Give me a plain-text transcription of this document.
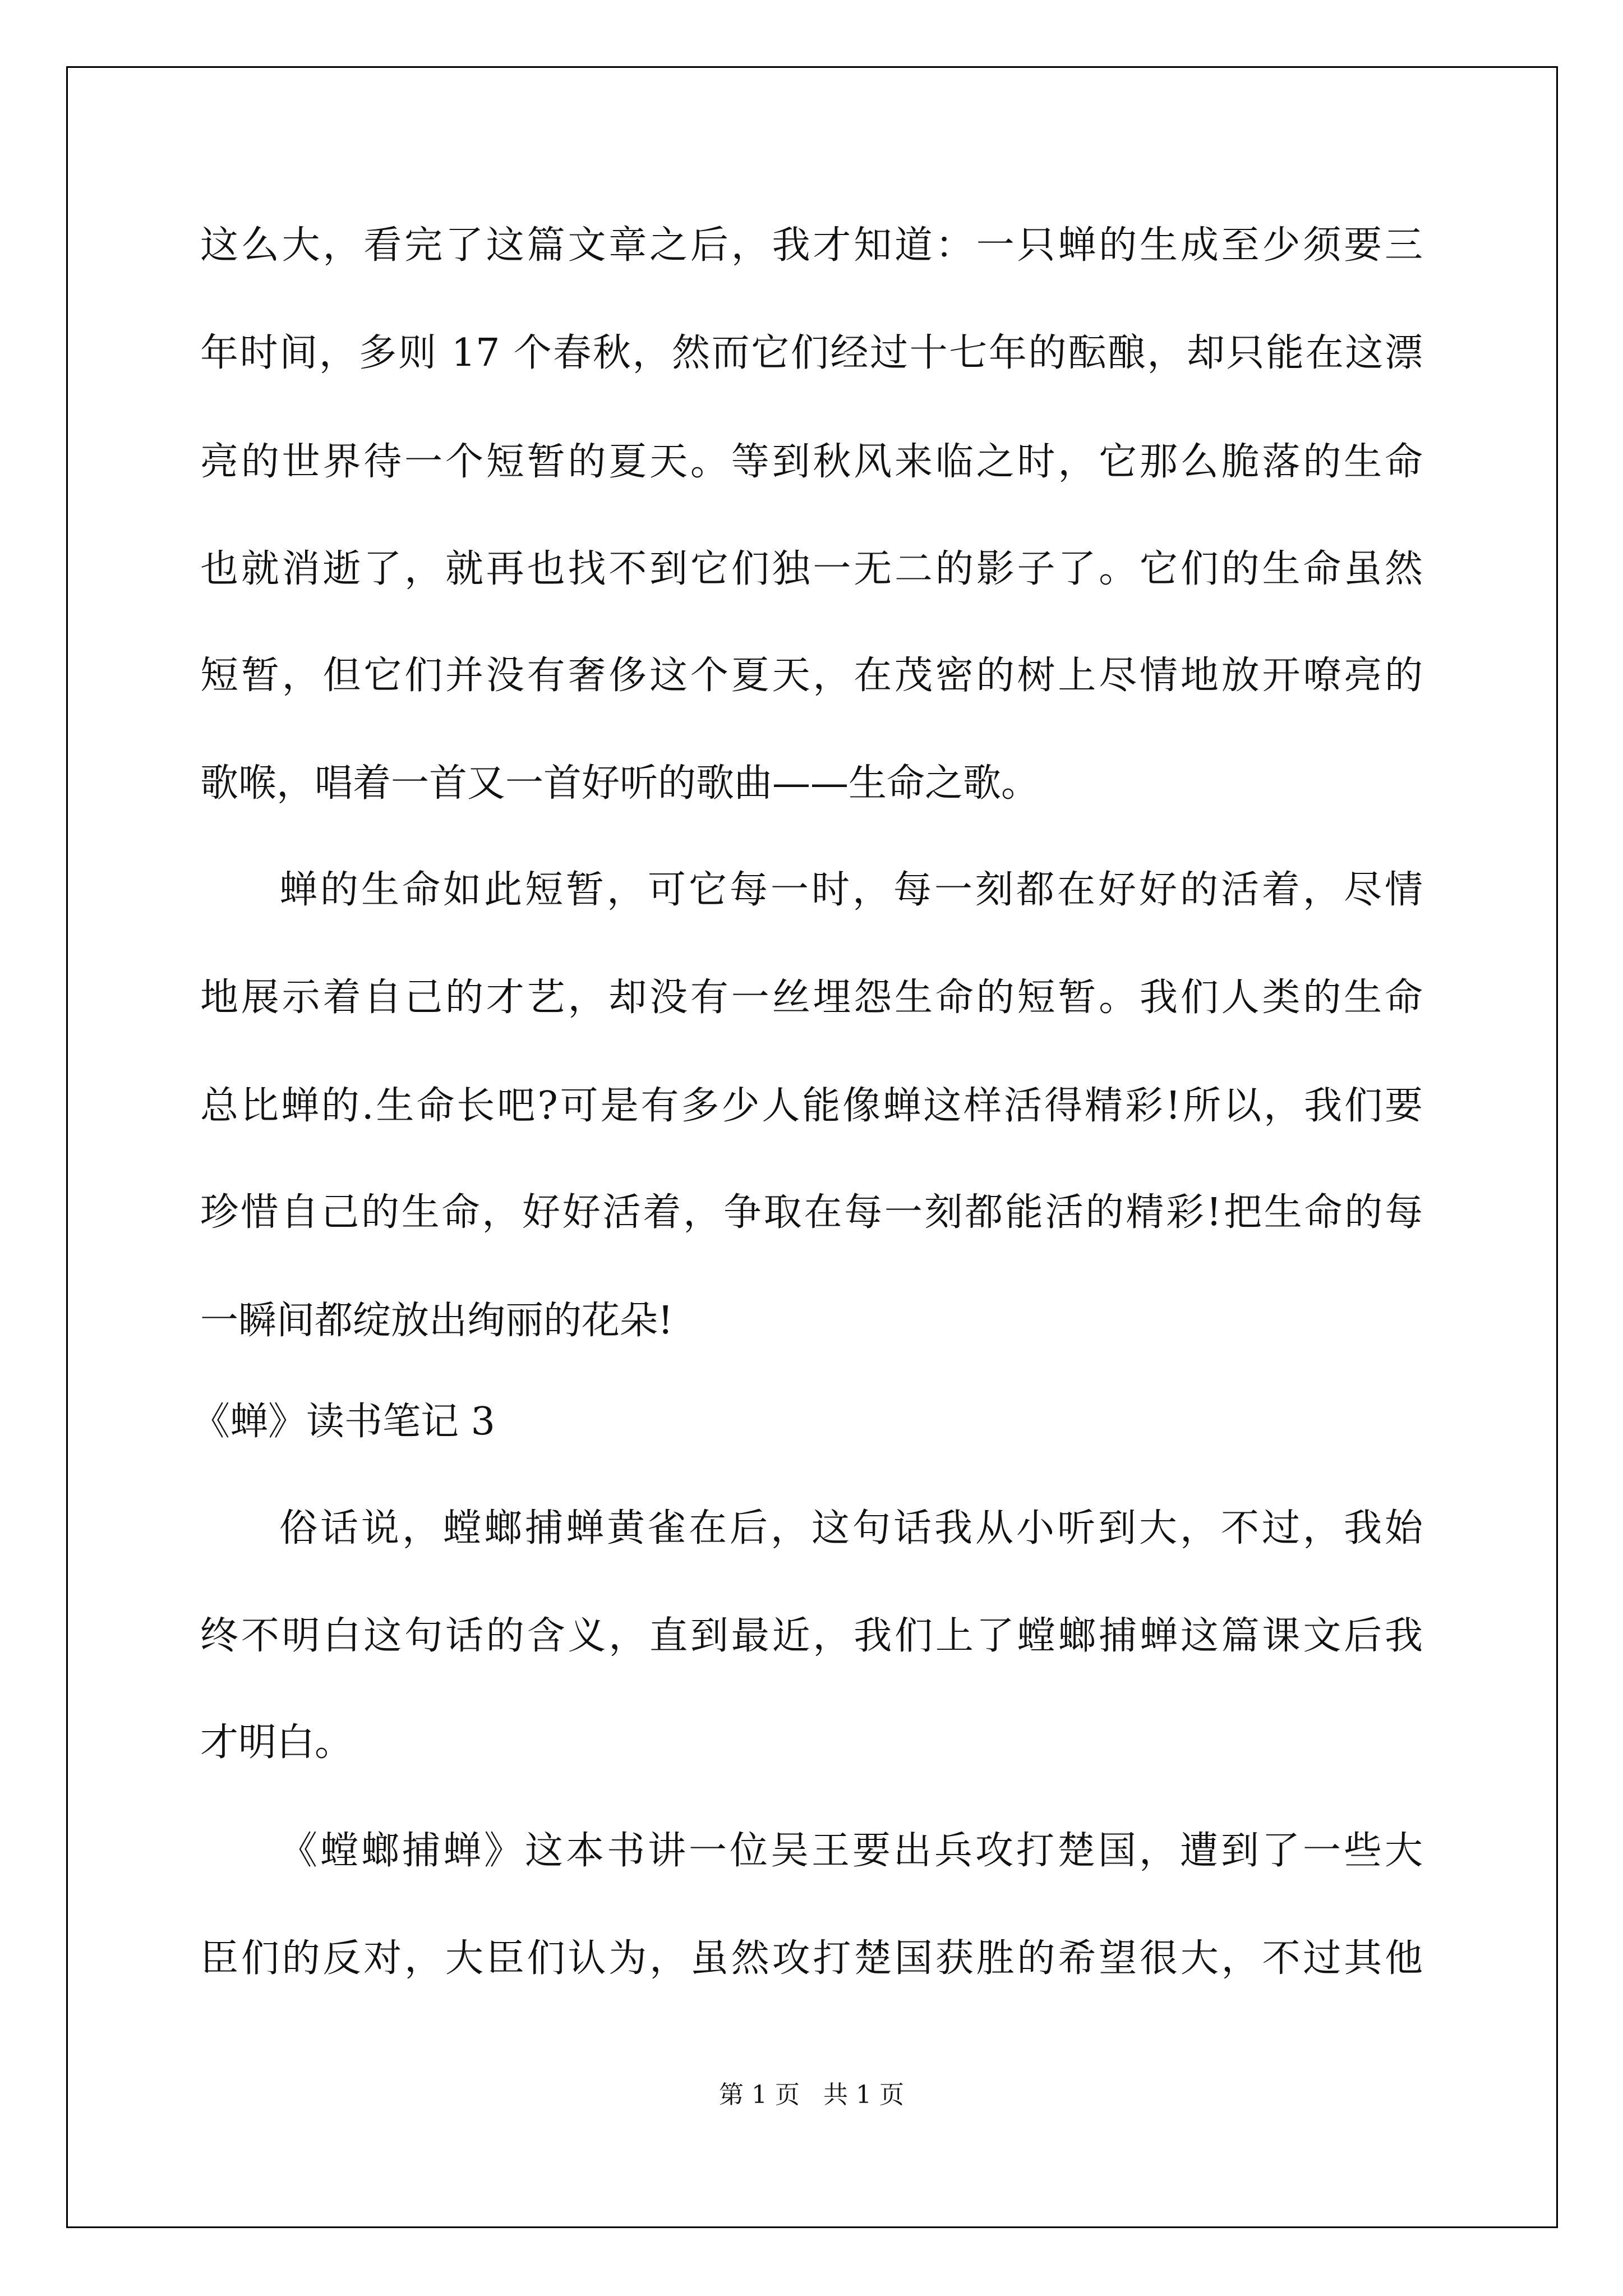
这么大，看完了这篇文章之后，我才知道：一只蝉的生成至少须要三
年时间，多则 17 个春秋，然而它们经过十七年的酝酿，却只能在这漂
亮的世界待一个短暂的夏天。等到秋风来临之时，它那么脆落的生命
也就消逝了，就再也找不到它们独一无二的影子了。它们的生命虽然
短暂，但它们并没有奢侈这个夏天，在茂密的树上尽情地放开嘹亮的
歌喉，唱着一首又一首好听的歌曲——生命之歌。
蝉的生命如此短暂，可它每一时，每一刻都在好好的活着，尽情
地展示着自己的才艺，却没有一丝埋怨生命的短暂。我们人类的生命
总比蝉的.生命长吧?可是有多少人能像蝉这样活得精彩!所以，我们要
珍惜自己的生命，好好活着，争取在每一刻都能活的精彩!把生命的每
一瞬间都绽放出绚丽的花朵!
《蝉》读书笔记 3
俗话说，螳螂捕蝉黄雀在后，这句话我从小听到大，不过，我始
终不明白这句话的含义，直到最近，我们上了螳螂捕蝉这篇课文后我
才明白。
《螳螂捕蝉》这本书讲一位吴王要出兵攻打楚国，遭到了一些大
臣们的反对，大臣们认为，虽然攻打楚国获胜的希望很大，不过其他
第 1 页   共 1 页
